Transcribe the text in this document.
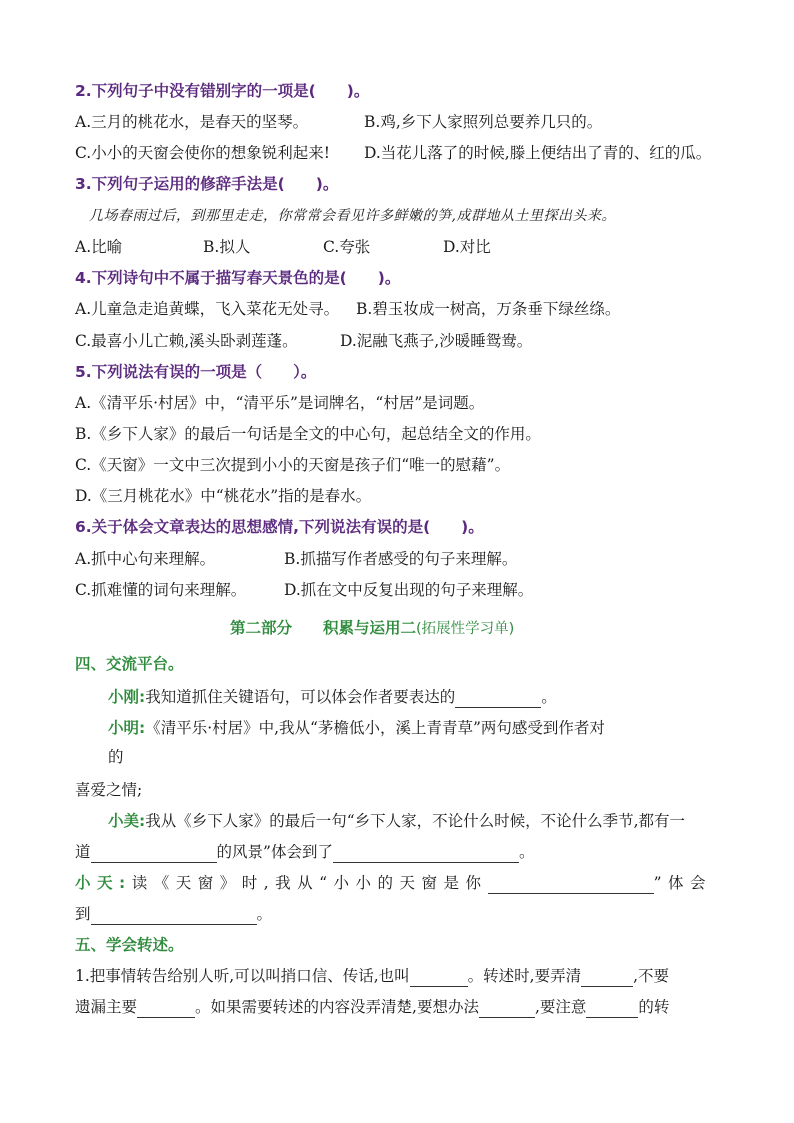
2.下列句子中没有错别字的一项是(　　)。
A.三月的桃花水，是春天的坚琴。	B.鸡,乡下人家照列总要养几只的。
C.小小的天窗会使你的想象锐利起来! D.当花儿落了的时候,滕上便结出了青的、红的瓜。
3.下列句子运用的修辞手法是(　　)。
几场春雨过后，到那里走走，你常常会看见许多鲜嫩的笋,成群地从土里探出头来。
A.比喻	B.拟人	C.夸张	D.对比
4.下列诗句中不属于描写春天景色的是(　　)。
A.儿童急走追黄蝶，飞入菜花无处寻。 B.碧玉妆成一树高，万条垂下绿丝绦。
C.最喜小儿亡赖,溪头卧剥莲蓬。	D.泥融飞燕子,沙暖睡鸳鸯。
5.下列说法有误的一项是（　　）。
A.《清平乐·村居》中，“清平乐”是词牌名，“村居”是词题。
B.《乡下人家》的最后一句话是全文的中心句，起总结全文的作用。
C.《天窗》一文中三次提到小小的天窗是孩子们“唯一的慰藉”。
D.《三月桃花水》中“桃花水”指的是春水。
6.关于体会文章表达的思想感情,下列说法有误的是(　　)。
A.抓中心句来理解。	B.抓描写作者感受的句子来理解。
C.抓难懂的词句来理解。 D.抓在文中反复出现的句子来理解。
第二部分　　积累与运用二(拓展性学习单)
四、交流平台。
小刚:我知道抓住关键语句，可以体会作者要表达的	。
小明:《清平乐·村居》中,我从“茅檐低小，溪上青青草”两句感受到作者对
的
喜爱之情;
小美:我从《乡下人家》的最后一句“乡下人家，不论什么时候，不论什么季节,都有一
道	的风景”体会到了	。
小天:读《天窗》时,我从“小小的天窗是你	”体会
到	。
五、学会转述。
1.把事情转告给别人听,可以叫捎口信、传话,也叫	。转述时,要弄清	,不要
遗漏主要	。如果需要转述的内容没弄清楚,要想办法	,要注意	的转
